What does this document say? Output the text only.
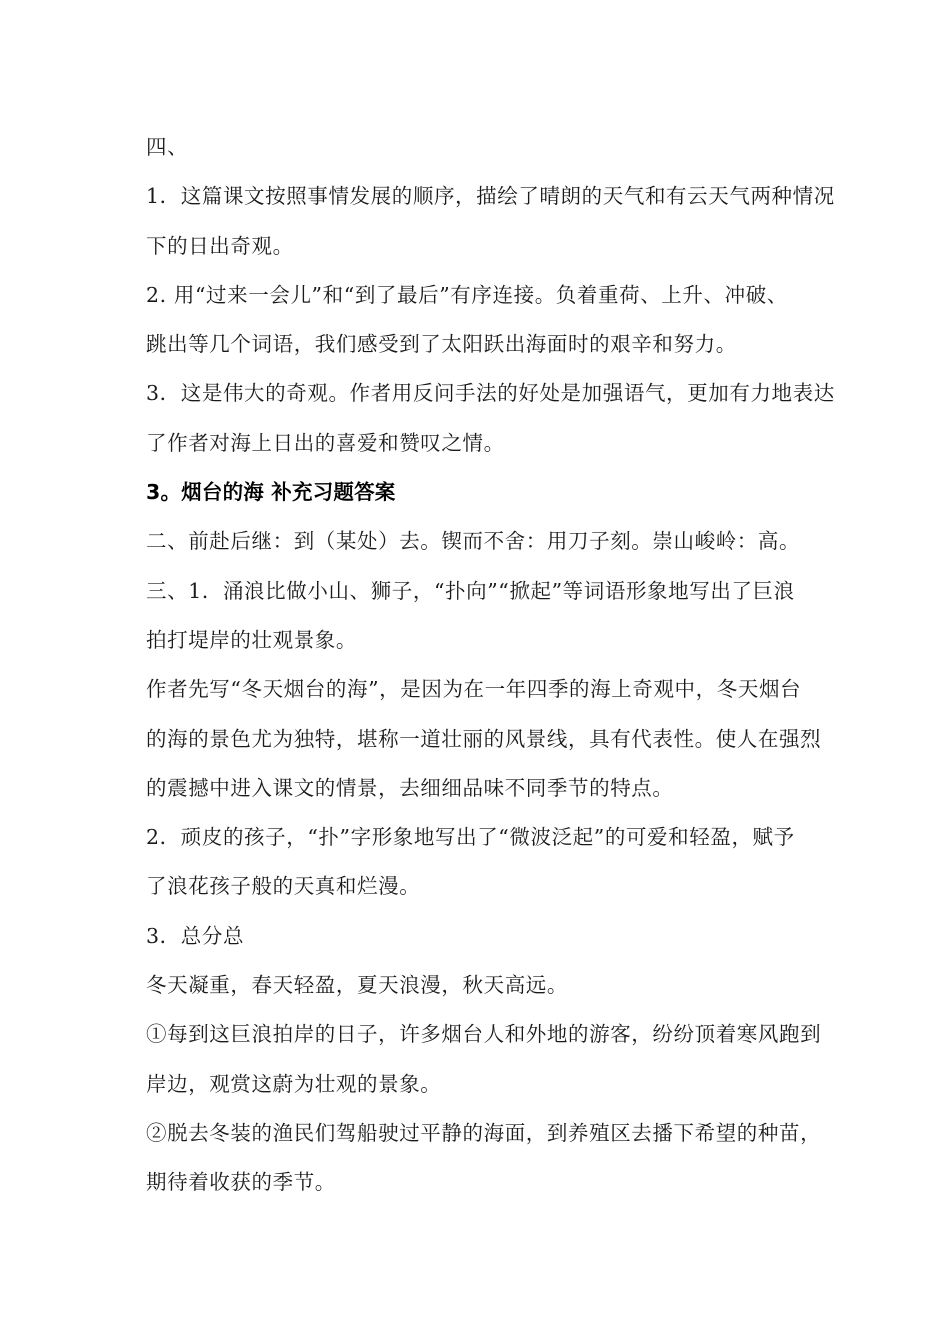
四、
1．这篇课文按照事情发展的顺序，描绘了晴朗的天气和有云天气两种情况
下的日出奇观。
2. 用“过来一会儿”和“到了最后”有序连接。负着重荷、上升、冲破、
跳出等几个词语，我们感受到了太阳跃出海面时的艰辛和努力。
3．这是伟大的奇观。作者用反问手法的好处是加强语气，更加有力地表达
了作者对海上日出的喜爱和赞叹之情。
3。烟台的海 补充习题答案
二、前赴后继：到（某处）去。锲而不舍：用刀子刻。崇山峻岭：高。
三、1．涌浪比做小山、狮子，“扑向”“掀起”等词语形象地写出了巨浪
拍打堤岸的壮观景象。
作者先写“冬天烟台的海”，是因为在一年四季的海上奇观中，冬天烟台
的海的景色尤为独特，堪称一道壮丽的风景线，具有代表性。使人在强烈
的震撼中进入课文的情景，去细细品味不同季节的特点。
2．顽皮的孩子，“扑”字形象地写出了“微波泛起”的可爱和轻盈，赋予
了浪花孩子般的天真和烂漫。
3．总分总
冬天凝重，春天轻盈，夏天浪漫，秋天高远。
①每到这巨浪拍岸的日子，许多烟台人和外地的游客，纷纷顶着寒风跑到
岸边，观赏这蔚为壮观的景象。
②脱去冬装的渔民们驾船驶过平静的海面，到养殖区去播下希望的种苗，
期待着收获的季节。
